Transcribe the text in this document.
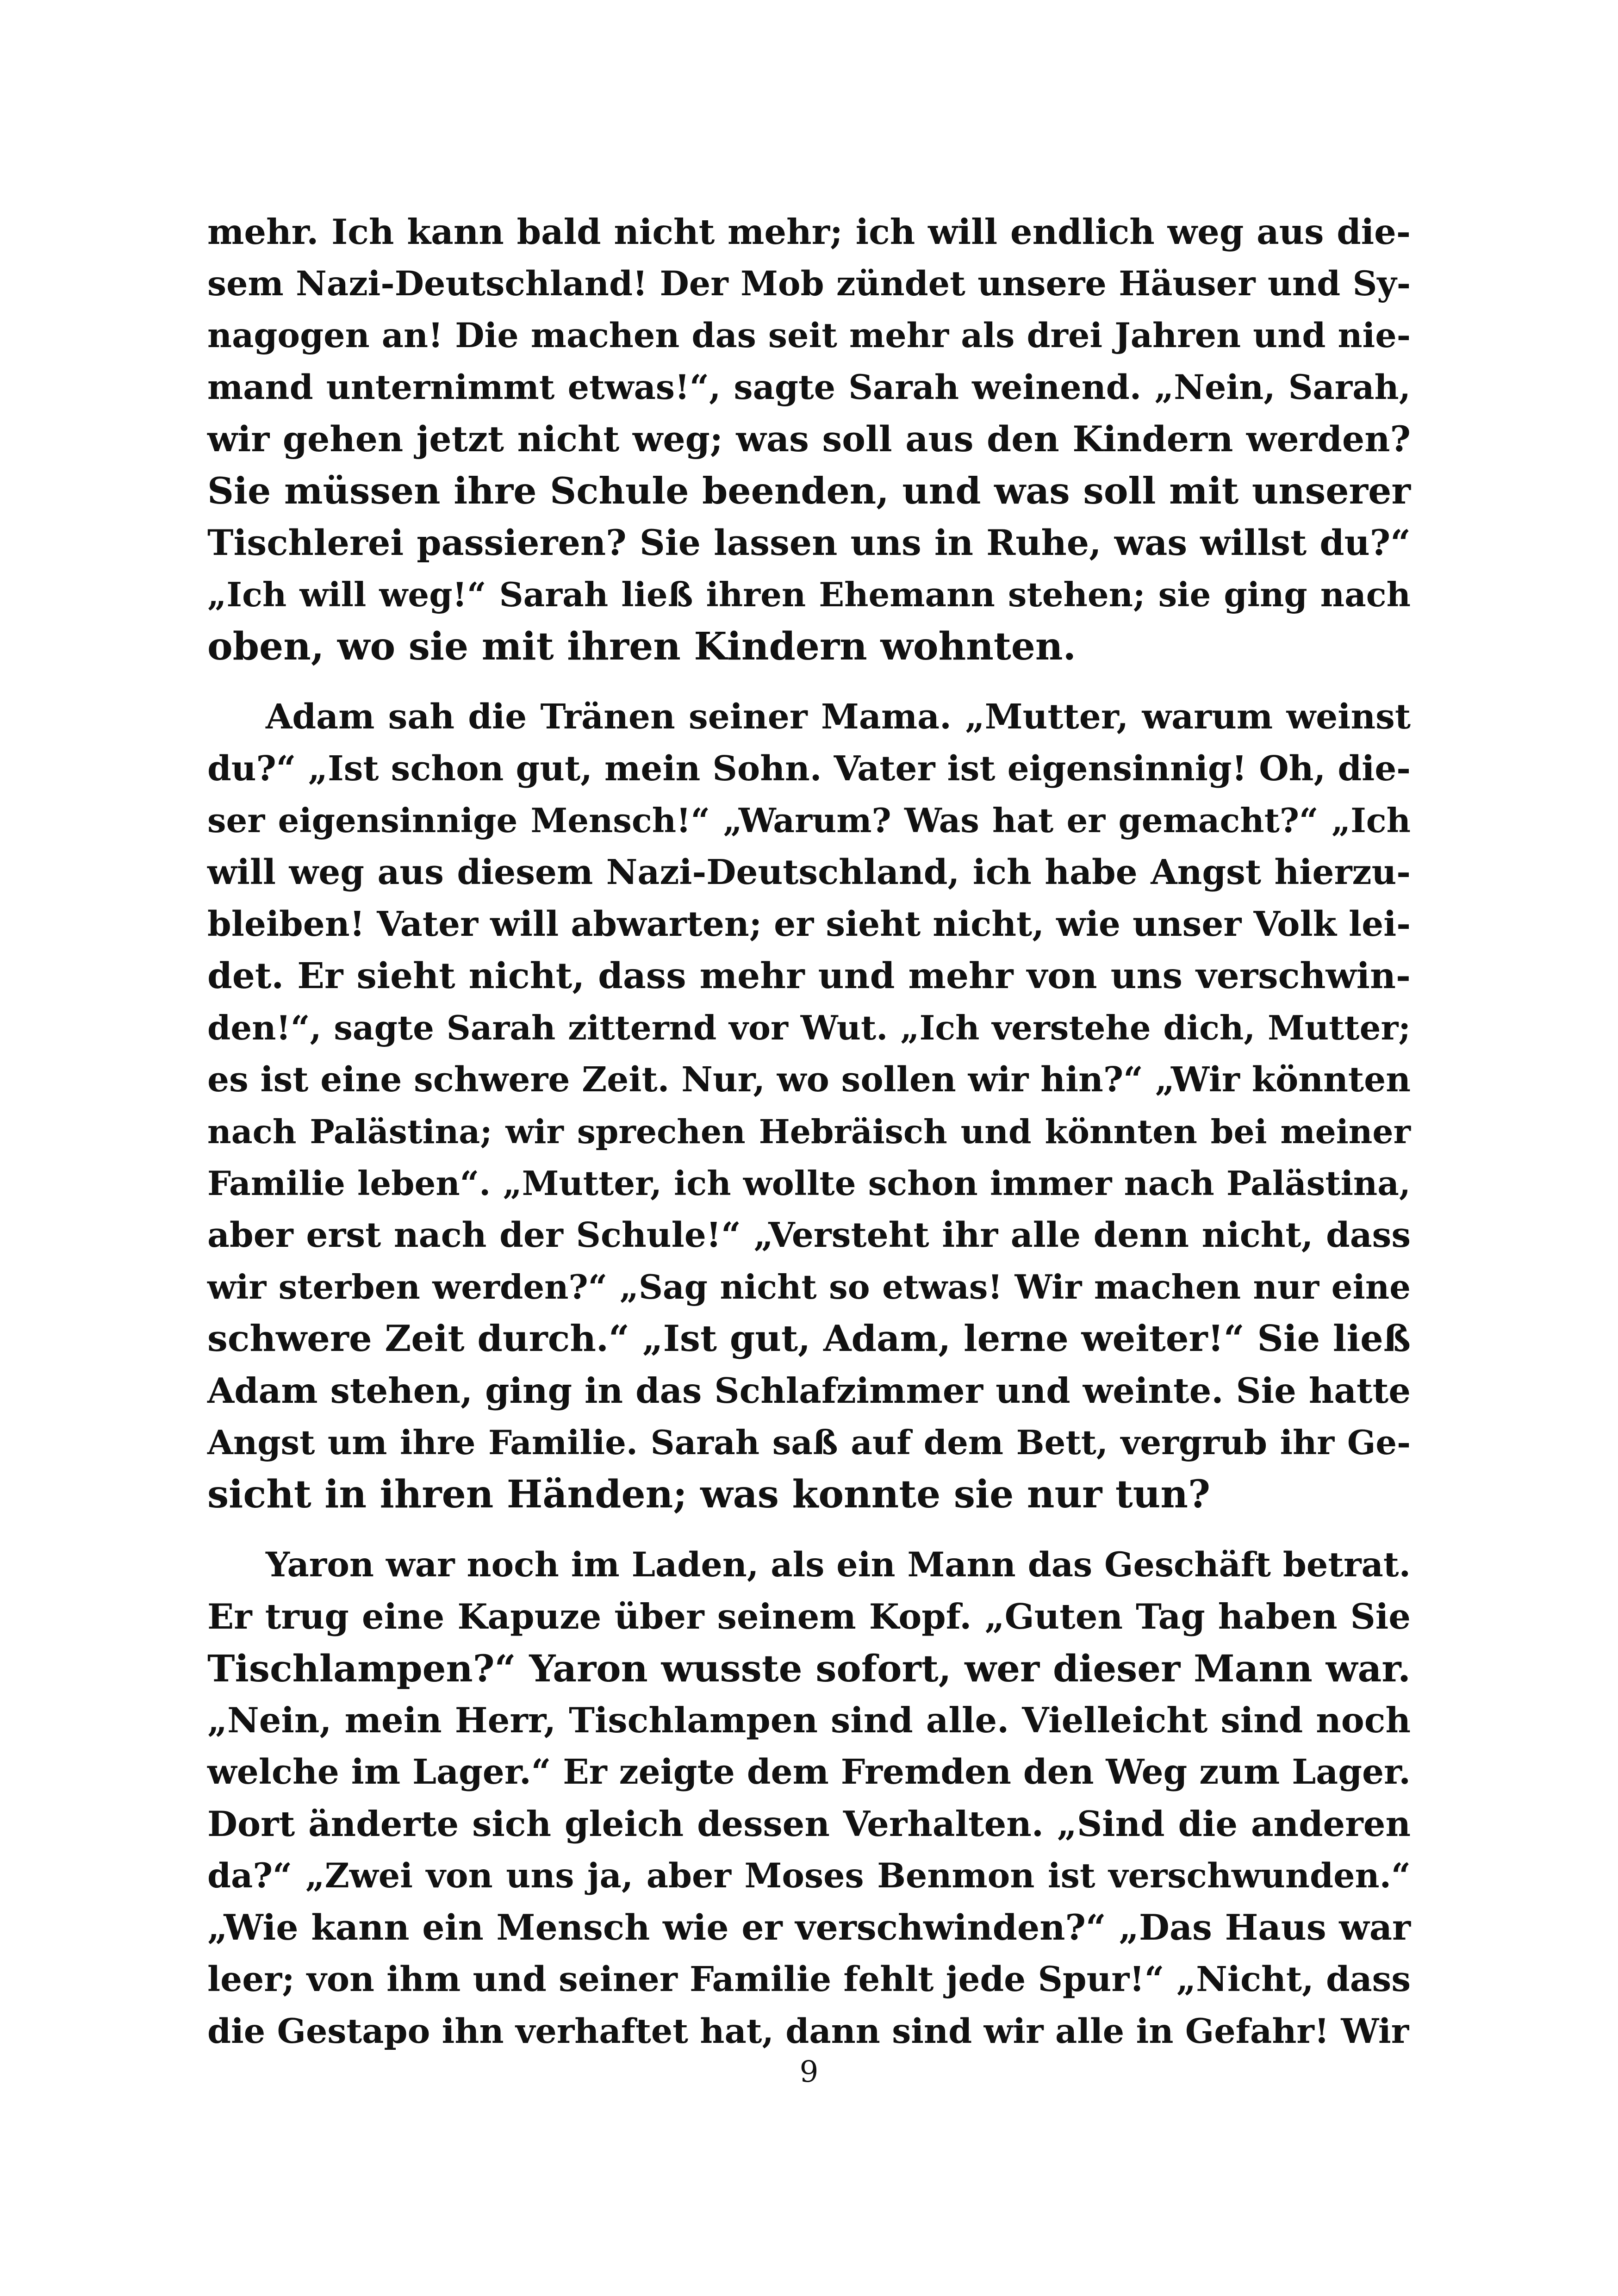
mehr. Ich kann bald nicht mehr; ich will endlich weg aus die-
sem Nazi-Deutschland! Der Mob zündet unsere Häuser und Sy-
nagogen an! Die machen das seit mehr als drei Jahren und nie-
mand unternimmt etwas!“, sagte Sarah weinend. „Nein, Sarah,
wir gehen jetzt nicht weg; was soll aus den Kindern werden?
Sie müssen ihre Schule beenden, und was soll mit unserer
Tischlerei passieren? Sie lassen uns in Ruhe, was willst du?“
„Ich will weg!“ Sarah ließ ihren Ehemann stehen; sie ging nach
oben, wo sie mit ihren Kindern wohnten.
Adam sah die Tränen seiner Mama. „Mutter, warum weinst
du?“ „Ist schon gut, mein Sohn. Vater ist eigensinnig! Oh, die-
ser eigensinnige Mensch!“ „Warum? Was hat er gemacht?“ „Ich
will weg aus diesem Nazi-Deutschland, ich habe Angst hierzu-
bleiben! Vater will abwarten; er sieht nicht, wie unser Volk lei-
det. Er sieht nicht, dass mehr und mehr von uns verschwin-
den!“, sagte Sarah zitternd vor Wut. „Ich verstehe dich, Mutter;
es ist eine schwere Zeit. Nur, wo sollen wir hin?“ „Wir könnten
nach Palästina; wir sprechen Hebräisch und könnten bei meiner
Familie leben“. „Mutter, ich wollte schon immer nach Palästina,
aber erst nach der Schule!“ „Versteht ihr alle denn nicht, dass
wir sterben werden?“ „Sag nicht so etwas! Wir machen nur eine
schwere Zeit durch.“ „Ist gut, Adam, lerne weiter!“ Sie ließ
Adam stehen, ging in das Schlafzimmer und weinte. Sie hatte
Angst um ihre Familie. Sarah saß auf dem Bett, vergrub ihr Ge-
sicht in ihren Händen; was konnte sie nur tun?
Yaron war noch im Laden, als ein Mann das Geschäft betrat.
Er trug eine Kapuze über seinem Kopf. „Guten Tag haben Sie
Tischlampen?“ Yaron wusste sofort, wer dieser Mann war.
„Nein, mein Herr, Tischlampen sind alle. Vielleicht sind noch
welche im Lager.“ Er zeigte dem Fremden den Weg zum Lager.
Dort änderte sich gleich dessen Verhalten. „Sind die anderen
da?“ „Zwei von uns ja, aber Moses Benmon ist verschwunden.“
„Wie kann ein Mensch wie er verschwinden?“ „Das Haus war
leer; von ihm und seiner Familie fehlt jede Spur!“ „Nicht, dass
die Gestapo ihn verhaftet hat, dann sind wir alle in Gefahr! Wir
9
